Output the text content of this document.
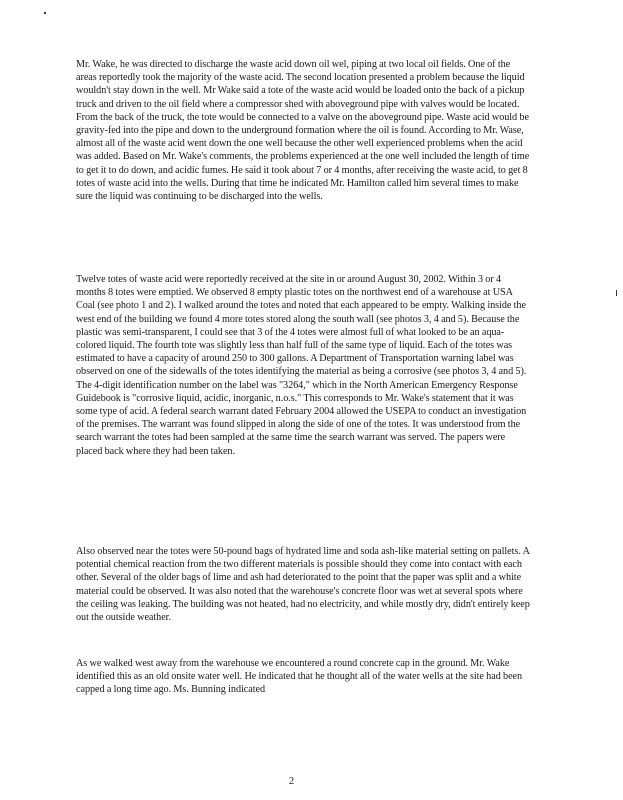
Mr. Wake, he was directed to discharge the waste acid down oil wel, piping at two local oil fields. One of the areas reportedly took the majority of the waste acid. The second location presented a problem because the liquid wouldn't stay down in the well. Mr Wake said a tote of the waste acid would be loaded onto the back of a pickup truck and driven to the oil field where a compressor shed with aboveground pipe with valves would be located. From the back of the truck, the tote would be connected to a valve on the aboveground pipe. Waste acid would be gravity-fed into the pipe and down to the underground formation where the oil is found. According to Mr. Wase, almost all of the waste acid went down the one well because the other well experienced problems when the acid was added. Based on Mr. Wake's comments, the problems experienced at the one well included the length of time to get it to do down, and acidic fumes. He said it took about 7 or 4 months, after receiving the waste acid, to get 8 totes of waste acid into the wells. During that time he indicated Mr. Hamilton called him several times to make sure the liquid was continuing to be discharged into the wells.

Twelve totes of waste acid were reportedly received at the site in or around August 30, 2002. Within 3 or 4 months 8 totes were emptied. We observed 8 empty plastic totes on the northwest end of a warehouse at USA Coal (see photo 1 and 2). I walked around the totes and noted that each appeared to be empty. Walking inside the west end of the building we found 4 more totes stored along the south wall (see photos 3, 4 and 5). Because the plastic was semi-transparent, I could see that 3 of the 4 totes were almost full of what looked to be an aqua-colored liquid. The fourth tote was slightly less than half full of the same type of liquid. Each of the totes was estimated to have a capacity of around 250 to 300 gallons. A Department of Transportation warning label was observed on one of the sidewalls of the totes identifying the material as being a corrosive (see photos 3, 4 and 5). The 4-digit identification number on the label was "3264," which in the North American Emergency Response Guidebook is "corrosive liquid, acidic, inorganic, n.o.s." This corresponds to Mr. Wake's statement that it was some type of acid. A federal search warrant dated February 2004 allowed the USEPA to conduct an investigation of the premises. The warrant was found slipped in along the side of one of the totes. It was understood from the search warrant the totes had been sampled at the same time the search warrant was served. The papers were placed back where they had been taken.

Also observed near the totes were 50-pound bags of hydrated lime and soda ash-like material setting on pallets. A potential chemical reaction from the two different materials is possible should they come into contact with each other. Several of the older bags of lime and ash had deteriorated to the point that the paper was split and a white material could be observed. It was also noted that the warehouse's concrete floor was wet at several spots where the ceiling was leaking. The building was not heated, had no electricity, and while mostly dry, didn't entirely keep out the outside weather.

As we walked west away from the warehouse we encountered a round concrete cap in the ground. Mr. Wake identified this as an old onsite water well. He indicated that he thought all of the water wells at the site had been capped a long time ago. Ms. Bunning indicated

2
